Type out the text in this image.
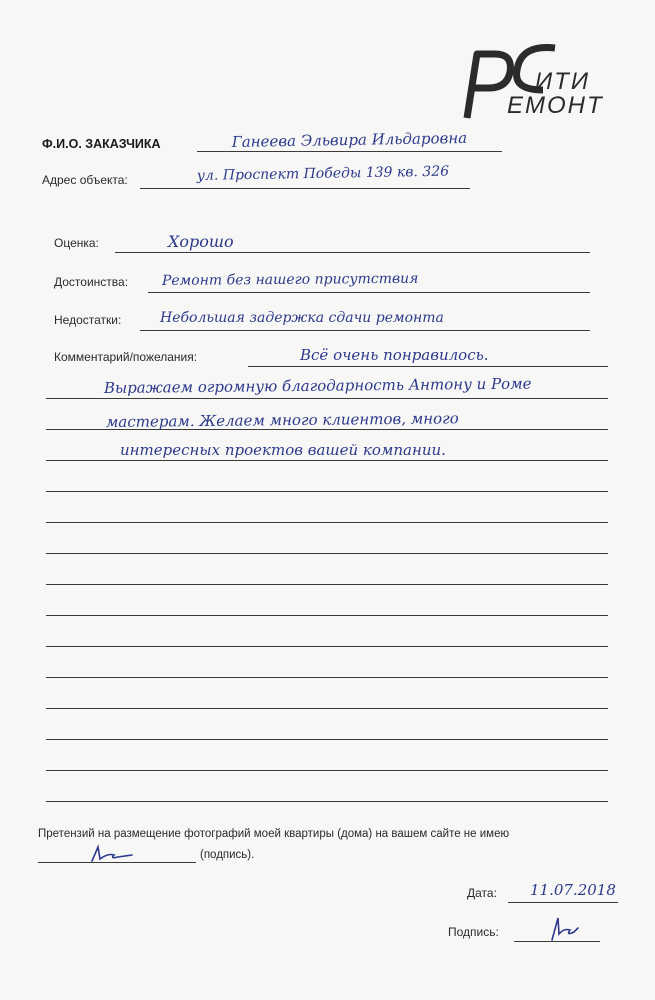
ИТИ
ЕМОНТ
Ф.И.О. ЗАКАЗЧИКА	Ганеева Эльвира Ильдаровна
Адрес объекта:	ул. Проспект Победы 139 кв. 326
Оценка:	Хорошо
Достоинства: Ремонт без нашего присутствия
Недостатки:	Небольшая задержка сдачи ремонта
Комментарий/пожелания:	Всё очень понравилось.
Выражаем огромную благодарность Антону и Роме
мастерам. Желаем много клиентов, много
интересных проектов вашей компании.
Претензий на размещение фотографий моей квартиры (дома) на вашем сайте не имею
(подпись).
Дата: 11.07.2018
Подпись:
